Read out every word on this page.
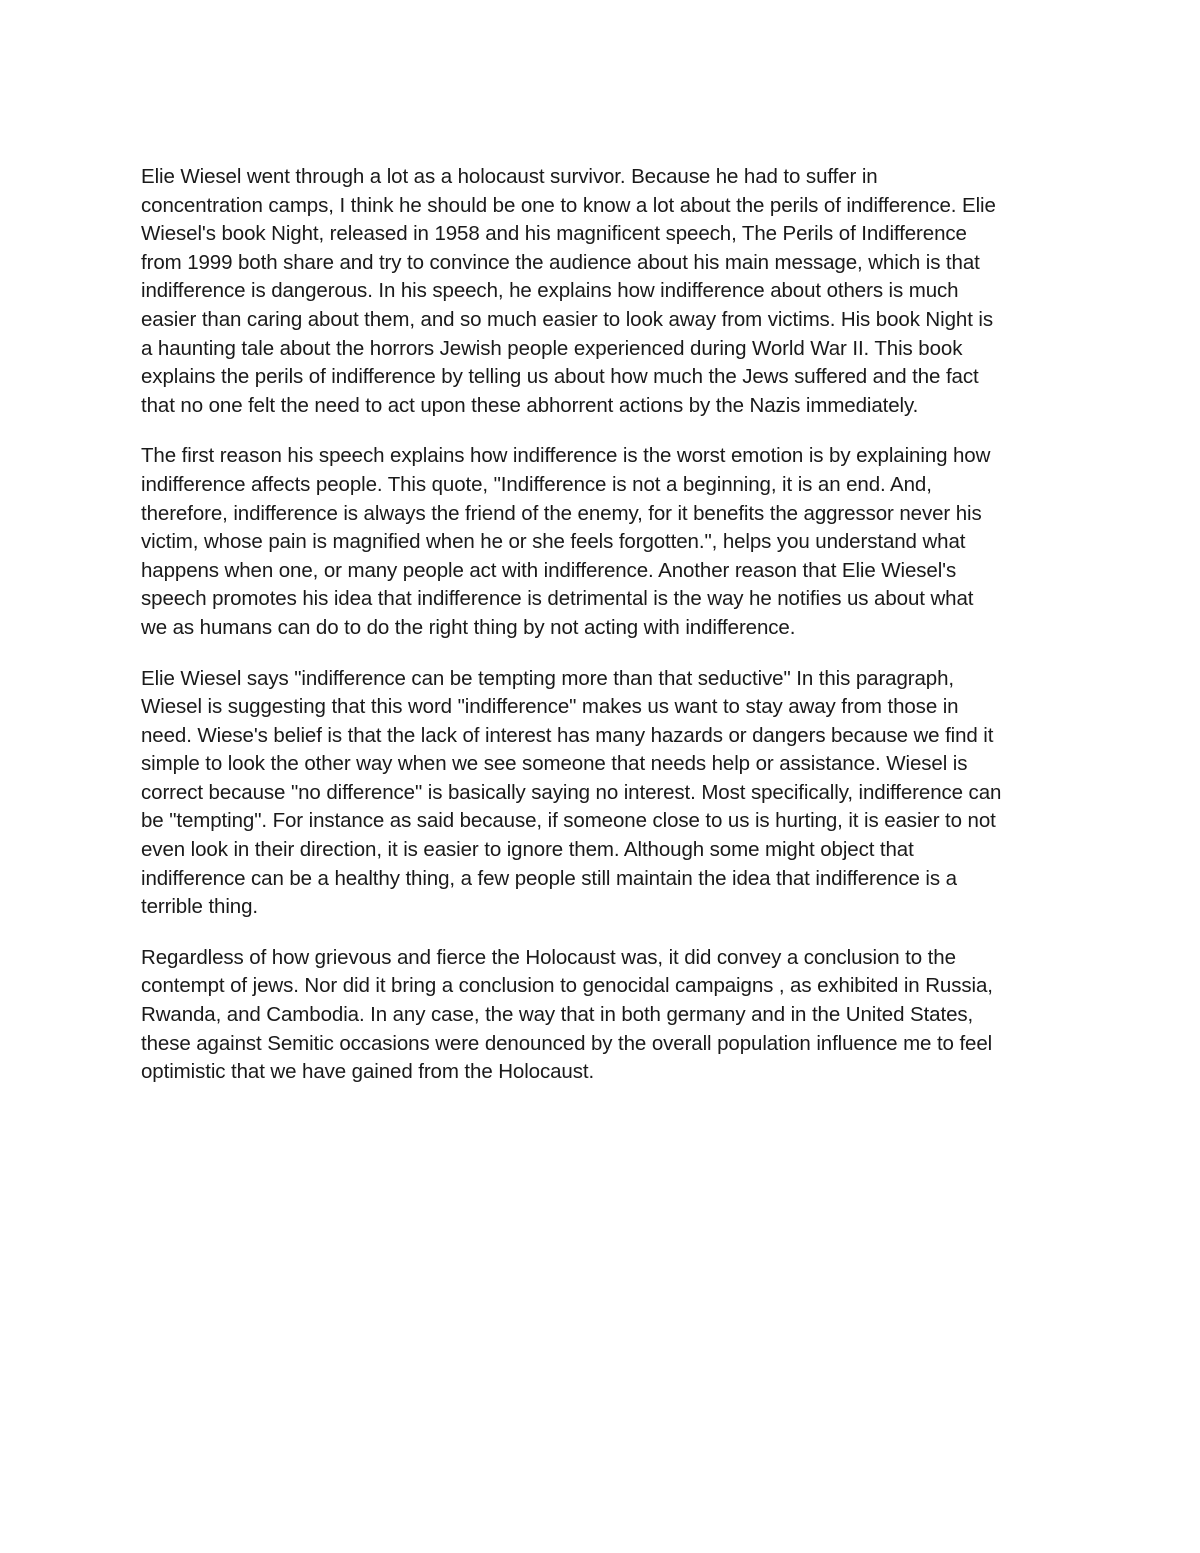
Elie Wiesel went through a lot as a holocaust survivor. Because he had to suffer in
concentration camps, I think he should be one to know a lot about the perils of indifference. Elie
Wiesel's book Night, released in 1958 and his magnificent speech, The Perils of Indifference
from 1999 both share and try to convince the audience about his main message, which is that
indifference is dangerous. In his speech, he explains how indifference about others is much
easier than caring about them, and so much easier to look away from victims. His book Night is
a haunting tale about the horrors Jewish people experienced during World War II. This book
explains the perils of indifference by telling us about how much the Jews suffered and the fact
that no one felt the need to act upon these abhorrent actions by the Nazis immediately.

The first reason his speech explains how indifference is the worst emotion is by explaining how
indifference affects people. This quote, "Indifference is not a beginning, it is an end. And,
therefore, indifference is always the friend of the enemy, for it benefits the aggressor never his
victim, whose pain is magnified when he or she feels forgotten.", helps you understand what
happens when one, or many people act with indifference. Another reason that Elie Wiesel's
speech promotes his idea that indifference is detrimental is the way he notifies us about what
we as humans can do to do the right thing by not acting with indifference.

Elie Wiesel says "indifference can be tempting more than that seductive" In this paragraph,
Wiesel is suggesting that this word "indifference" makes us want to stay away from those in
need. Wiese's belief is that the lack of interest has many hazards or dangers because we find it
simple to look the other way when we see someone that needs help or assistance. Wiesel is
correct because "no difference" is basically saying no interest. Most specifically, indifference can
be "tempting". For instance as said because, if someone close to us is hurting, it is easier to not
even look in their direction, it is easier to ignore them. Although some might object that
indifference can be a healthy thing, a few people still maintain the idea that indifference is a
terrible thing.

Regardless of how grievous and fierce the Holocaust was, it did convey a conclusion to the
contempt of jews. Nor did it bring a conclusion to genocidal campaigns , as exhibited in Russia,
Rwanda, and Cambodia. In any case, the way that in both germany and in the United States,
these against Semitic occasions were denounced by the overall population influence me to feel
optimistic that we have gained from the Holocaust.
